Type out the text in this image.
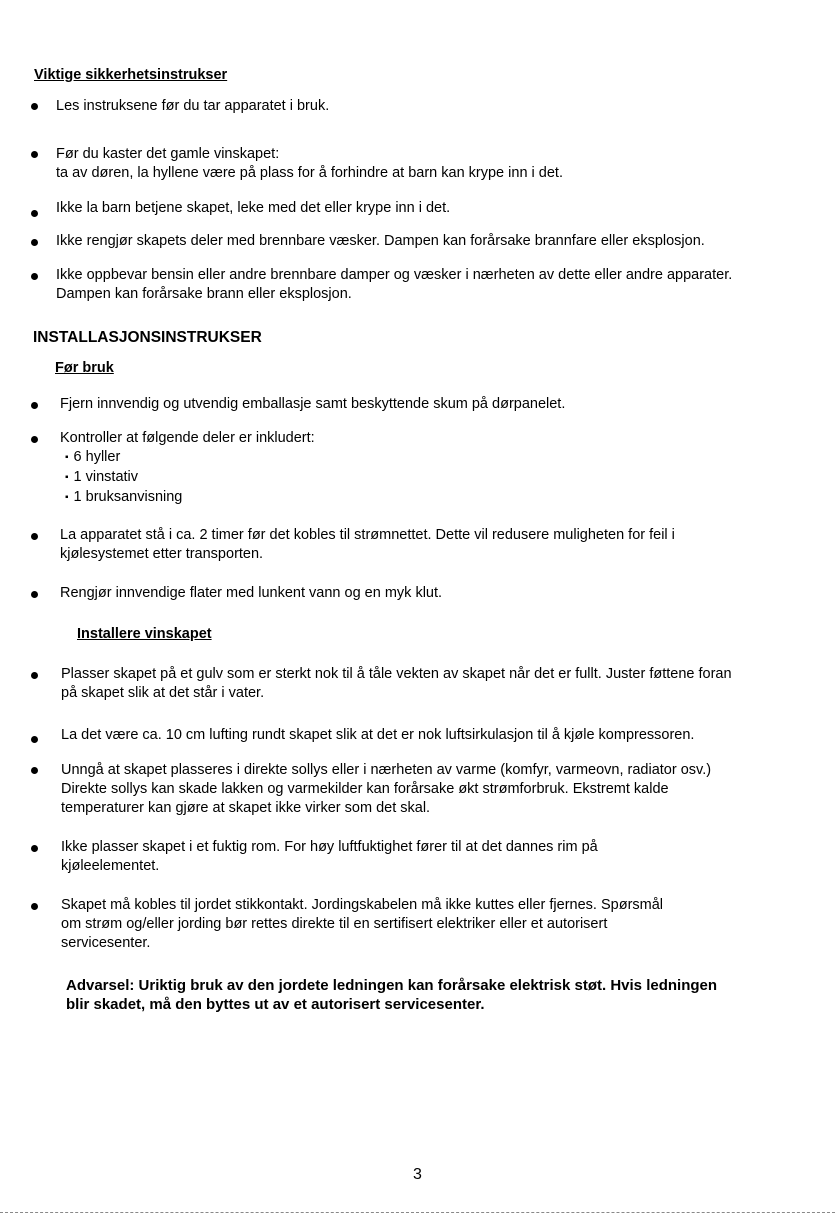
Viktige sikkerhetsinstrukser
Les instruksene før du tar apparatet i bruk.
Før du kaster det gamle vinskapet:
ta av døren, la hyllene være på plass for å forhindre at barn kan krype inn i det.
Ikke la barn betjene skapet, leke med det eller krype inn i det.
Ikke rengjør skapets deler med brennbare væsker. Dampen kan forårsake brannfare eller eksplosjon.
Ikke oppbevar bensin eller andre brennbare damper og væsker i nærheten av dette eller andre apparater.
Dampen kan forårsake brann eller eksplosjon.
INSTALLASJONSINSTRUKSER
Før bruk
Fjern innvendig og utvendig emballasje samt beskyttende skum på dørpanelet.
Kontroller at følgende deler er inkludert:
▪ 6 hyller
▪ 1 vinstativ
▪ 1 bruksanvisning
La apparatet stå i ca. 2 timer før det kobles til strømnettet. Dette vil redusere muligheten for feil i
kjølesystemet etter transporten.
Rengjør innvendige flater med lunkent vann og en myk klut.
Installere vinskapet
Plasser skapet på et gulv som er sterkt nok til å tåle vekten av skapet når det er fullt. Juster føttene foran
på skapet slik at det står i vater.
La det være ca. 10 cm lufting rundt skapet slik at det er nok luftsirkulasjon til å kjøle kompressoren.
Unngå at skapet plasseres i direkte sollys eller i nærheten av varme (komfyr, varmeovn, radiator osv.)
Direkte sollys kan skade lakken og varmekilder kan forårsake økt strømforbruk. Ekstremt kalde
temperaturer kan gjøre at skapet ikke virker som det skal.
Ikke plasser skapet i et fuktig rom. For høy luftfuktighet fører til at det dannes rim på
kjøleelementet.
Skapet må kobles til jordet stikkontakt. Jordingskabelen må ikke kuttes eller fjernes. Spørsmål
om strøm og/eller jording bør rettes direkte til en sertifisert elektriker eller et autorisert
servicesenter.
Advarsel: Uriktig bruk av den jordete ledningen kan forårsake elektrisk støt. Hvis ledningen
blir skadet, må den byttes ut av et autorisert servicesenter.
3
